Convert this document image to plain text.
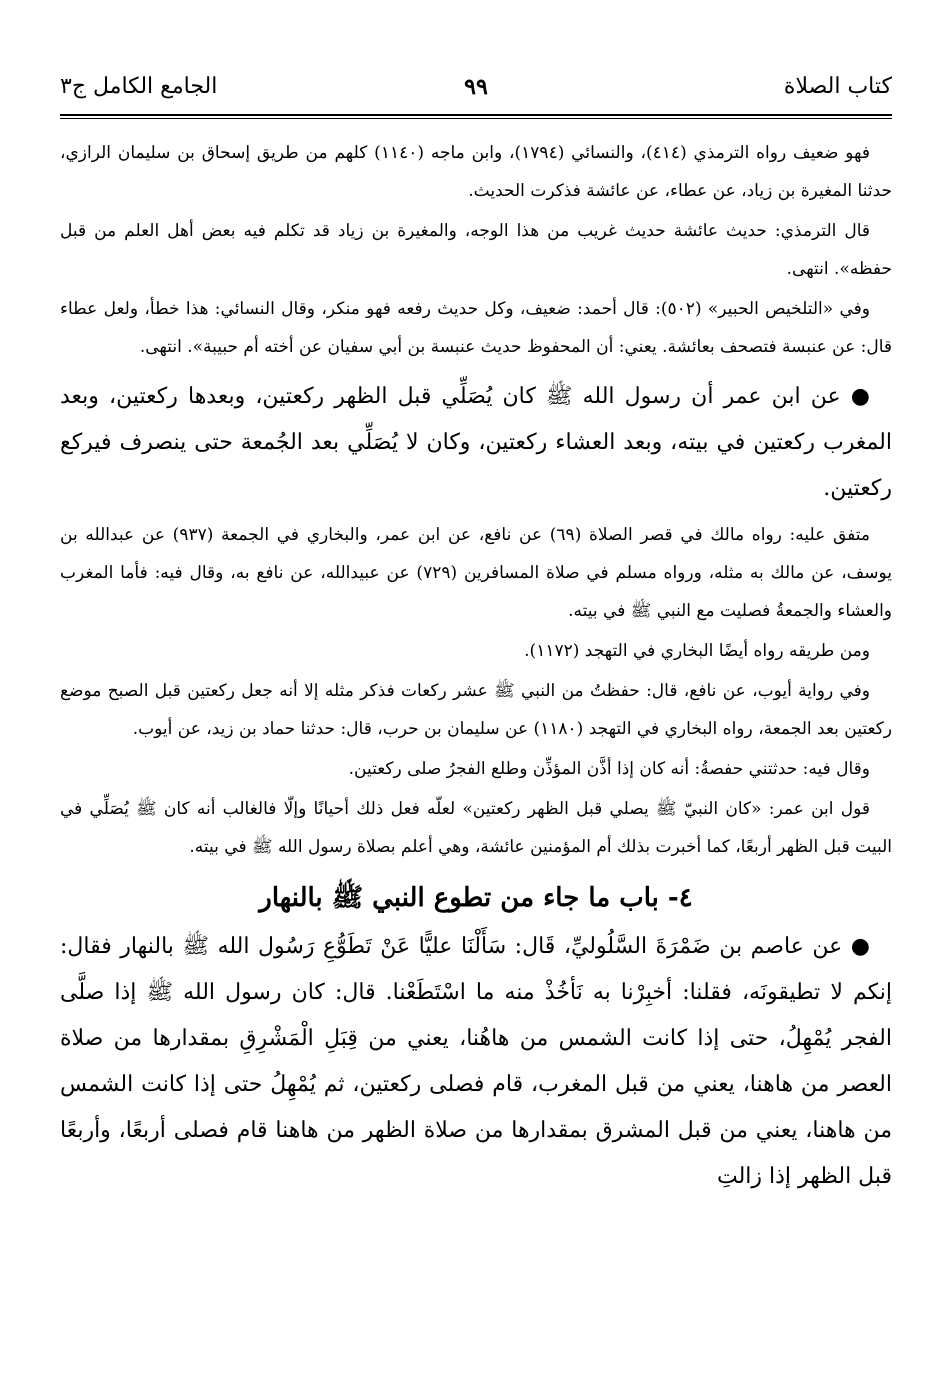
كتاب الصلاة
٩٩
الجامع الكامل ج٣

فهو ضعيف رواه الترمذي (٤١٤)، والنسائي (١٧٩٤)، وابن ماجه (١١٤٠) كلهم من طريق إسحاق بن سليمان الرازي، حدثنا المغيرة بن زياد، عن عطاء، عن عائشة فذكرت الحديث.

قال الترمذي: حديث عائشة حديث غريب من هذا الوجه، والمغيرة بن زياد قد تكلم فيه بعض أهل العلم من قبل حفظه». انتهى.

وفي «التلخيص الحبير» (٥٠٢): قال أحمد: ضعيف، وكل حديث رفعه فهو منكر، وقال النسائي: هذا خطأ، ولعل عطاء قال: عن عنبسة فتصحف بعائشة. يعني: أن المحفوظ حديث عنبسة بن أبي سفيان عن أخته أم حبيبة». انتهى.

● عن ابن عمر أن رسول الله ﷺ كان يُصَلِّي قبل الظهر ركعتين، وبعدها ركعتين، وبعد المغرب ركعتين في بيته، وبعد العشاء ركعتين، وكان لا يُصَلِّي بعد الجُمعة حتى ينصرف فيركع ركعتين.

متفق عليه: رواه مالك في قصر الصلاة (٦٩) عن نافع، عن ابن عمر، والبخاري في الجمعة (٩٣٧) عن عبدالله بن يوسف، عن مالك به مثله، ورواه مسلم في صلاة المسافرين (٧٢٩) عن عبيدالله، عن نافع به، وقال فيه: فأما المغرب والعشاء والجمعةُ فصليت مع النبي ﷺ في بيته.

ومن طريقه رواه أيضًا البخاري في التهجد (١١٧٢).

وفي رواية أيوب، عن نافع، قال: حفظتُ من النبي ﷺ عشر ركعات فذكر مثله إلا أنه جعل ركعتين قبل الصبح موضع ركعتين بعد الجمعة، رواه البخاري في التهجد (١١٨٠) عن سليمان بن حرب، قال: حدثنا حماد بن زيد، عن أيوب.

وقال فيه: حدثتني حفصةُ: أنه كان إذا أذَّن المؤذِّن وطلع الفجرُ صلى ركعتين.

قول ابن عمر: «كان النبيّ ﷺ يصلي قبل الظهر ركعتين» لعلّه فعل ذلك أحيانًا وإلّا فالغالب أنه كان ﷺ يُصَلِّي في البيت قبل الظهر أربعًا، كما أخبرت بذلك أم المؤمنين عائشة، وهي أعلم بصلاة رسول الله ﷺ في بيته.

٤- باب ما جاء من تطوع النبي ﷺ بالنهار

● عن عاصم بن ضَمْرَةَ السَّلُوليِّ، قَال: سَأَلْنَا عليًّا عَنْ تَطَوُّعِ رَسُول الله ﷺ بالنهار فقال: إنكم لا تطيقونَه، فقلنا: أخبِرْنا به نَأخُذْ منه ما اسْتَطَعْنا. قال: كان رسول الله ﷺ إذا صلَّى الفجر يُمْهِلُ، حتى إذا كانت الشمس من هاهُنا، يعني من قِبَلِ الْمَشْرِقِ بمقدارها من صلاة العصر من هاهنا، يعني من قبل المغرب، قام فصلى ركعتين، ثم يُمْهِلُ حتى إذا كانت الشمس من هاهنا، يعني من قبل المشرق بمقدارها من صلاة الظهر من هاهنا قام فصلى أربعًا، وأربعًا قبل الظهر إذا زالتِ
